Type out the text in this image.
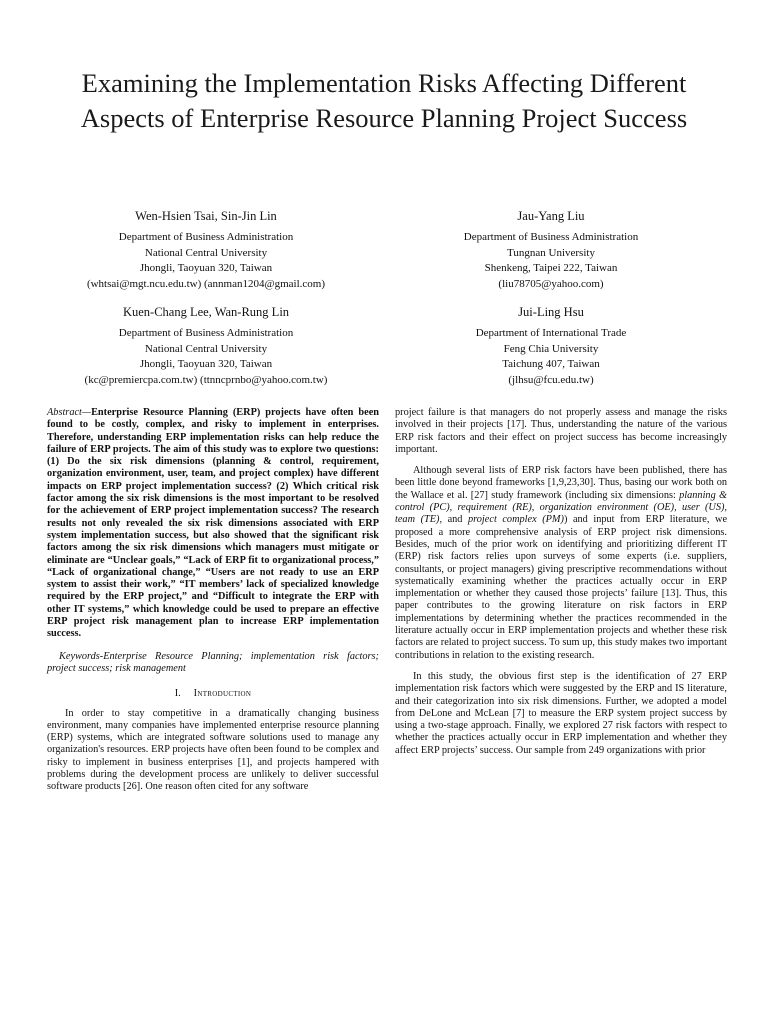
Examining the Implementation Risks Affecting Different Aspects of Enterprise Resource Planning Project Success
Wen-Hsien Tsai, Sin-Jin Lin
Department of Business Administration
National Central University
Jhongli, Taoyuan 320, Taiwan
(whtsai@mgt.ncu.edu.tw) (annman1204@gmail.com)
Jau-Yang Liu
Department of Business Administration
Tungnan University
Shenkeng, Taipei 222, Taiwan
(liu78705@yahoo.com)
Kuen-Chang Lee, Wan-Rung Lin
Department of Business Administration
National Central University
Jhongli, Taoyuan 320, Taiwan
(kc@premiercpa.com.tw) (ttnncprnbo@yahoo.com.tw)
Jui-Ling Hsu
Department of International Trade
Feng Chia University
Taichung 407, Taiwan
(jlhsu@fcu.edu.tw)

Abstract—Enterprise Resource Planning (ERP) projects have often been found to be costly, complex, and risky to implement in enterprises. Therefore, understanding ERP implementation risks can help reduce the failure of ERP projects. The aim of this study was to explore two questions: (1) Do the six risk dimensions (planning & control, requirement, organization environment, user, team, and project complex) have different impacts on ERP project implementation success? (2) Which critical risk factor among the six risk dimensions is the most important to be resolved for the achievement of ERP project implementation success? The research results not only revealed the six risk dimensions associated with ERP system implementation success, but also showed that the significant risk factors among the six risk dimensions which managers must mitigate or eliminate are “Unclear goals,” “Lack of ERP fit to organizational process,” “Lack of organizational change,” “Users are not ready to use an ERP system to assist their work,” “IT members’ lack of specialized knowledge required by the ERP project,” and “Difficult to integrate the ERP with other IT systems,” which knowledge could be used to prepare an effective ERP project risk management plan to increase ERP implementation success.

Keywords-Enterprise Resource Planning; implementation risk factors; project success; risk management

I. Introduction

In order to stay competitive in a dramatically changing business environment, many companies have implemented enterprise resource planning (ERP) systems, which are integrated software solutions used to manage any organization's resources. ERP projects have often been found to be complex and risky to implement in business enterprises [1], and projects hampered with problems during the development process are unlikely to deliver successful software products [26]. One reason often cited for any software

project failure is that managers do not properly assess and manage the risks involved in their projects [17]. Thus, understanding the nature of the various ERP risk factors and their effect on project success has become increasingly important.

Although several lists of ERP risk factors have been published, there has been little done beyond frameworks [1,9,23,30]. Thus, basing our work both on the Wallace et al. [27] study framework (including six dimensions: planning & control (PC), requirement (RE), organization environment (OE), user (US), team (TE), and project complex (PM)) and input from ERP literature, we proposed a more comprehensive analysis of ERP project risk dimensions. Besides, much of the prior work on identifying and prioritizing different IT (ERP) risk factors relies upon surveys of some experts (i.e. suppliers, consultants, or project managers) giving prescriptive recommendations without systematically examining whether the practices actually occur in ERP implementation or whether they caused those projects’ failure [13]. Thus, this paper contributes to the growing literature on risk factors in ERP implementations by determining whether the practices recommended in the literature actually occur in ERP implementation projects and whether these risk factors are related to project success. To sum up, this study makes two important contributions in relation to the existing research.

In this study, the obvious first step is the identification of 27 ERP implementation risk factors which were suggested by the ERP and IS literature, and their categorization into six risk dimensions. Further, we adopted a model from DeLone and McLean [7] to measure the ERP system project success by using a two-stage approach. Finally, we explored 27 risk factors with respect to whether the practices actually occur in ERP implementation and whether they affect ERP projects’ success. Our sample from 249 organizations with prior
